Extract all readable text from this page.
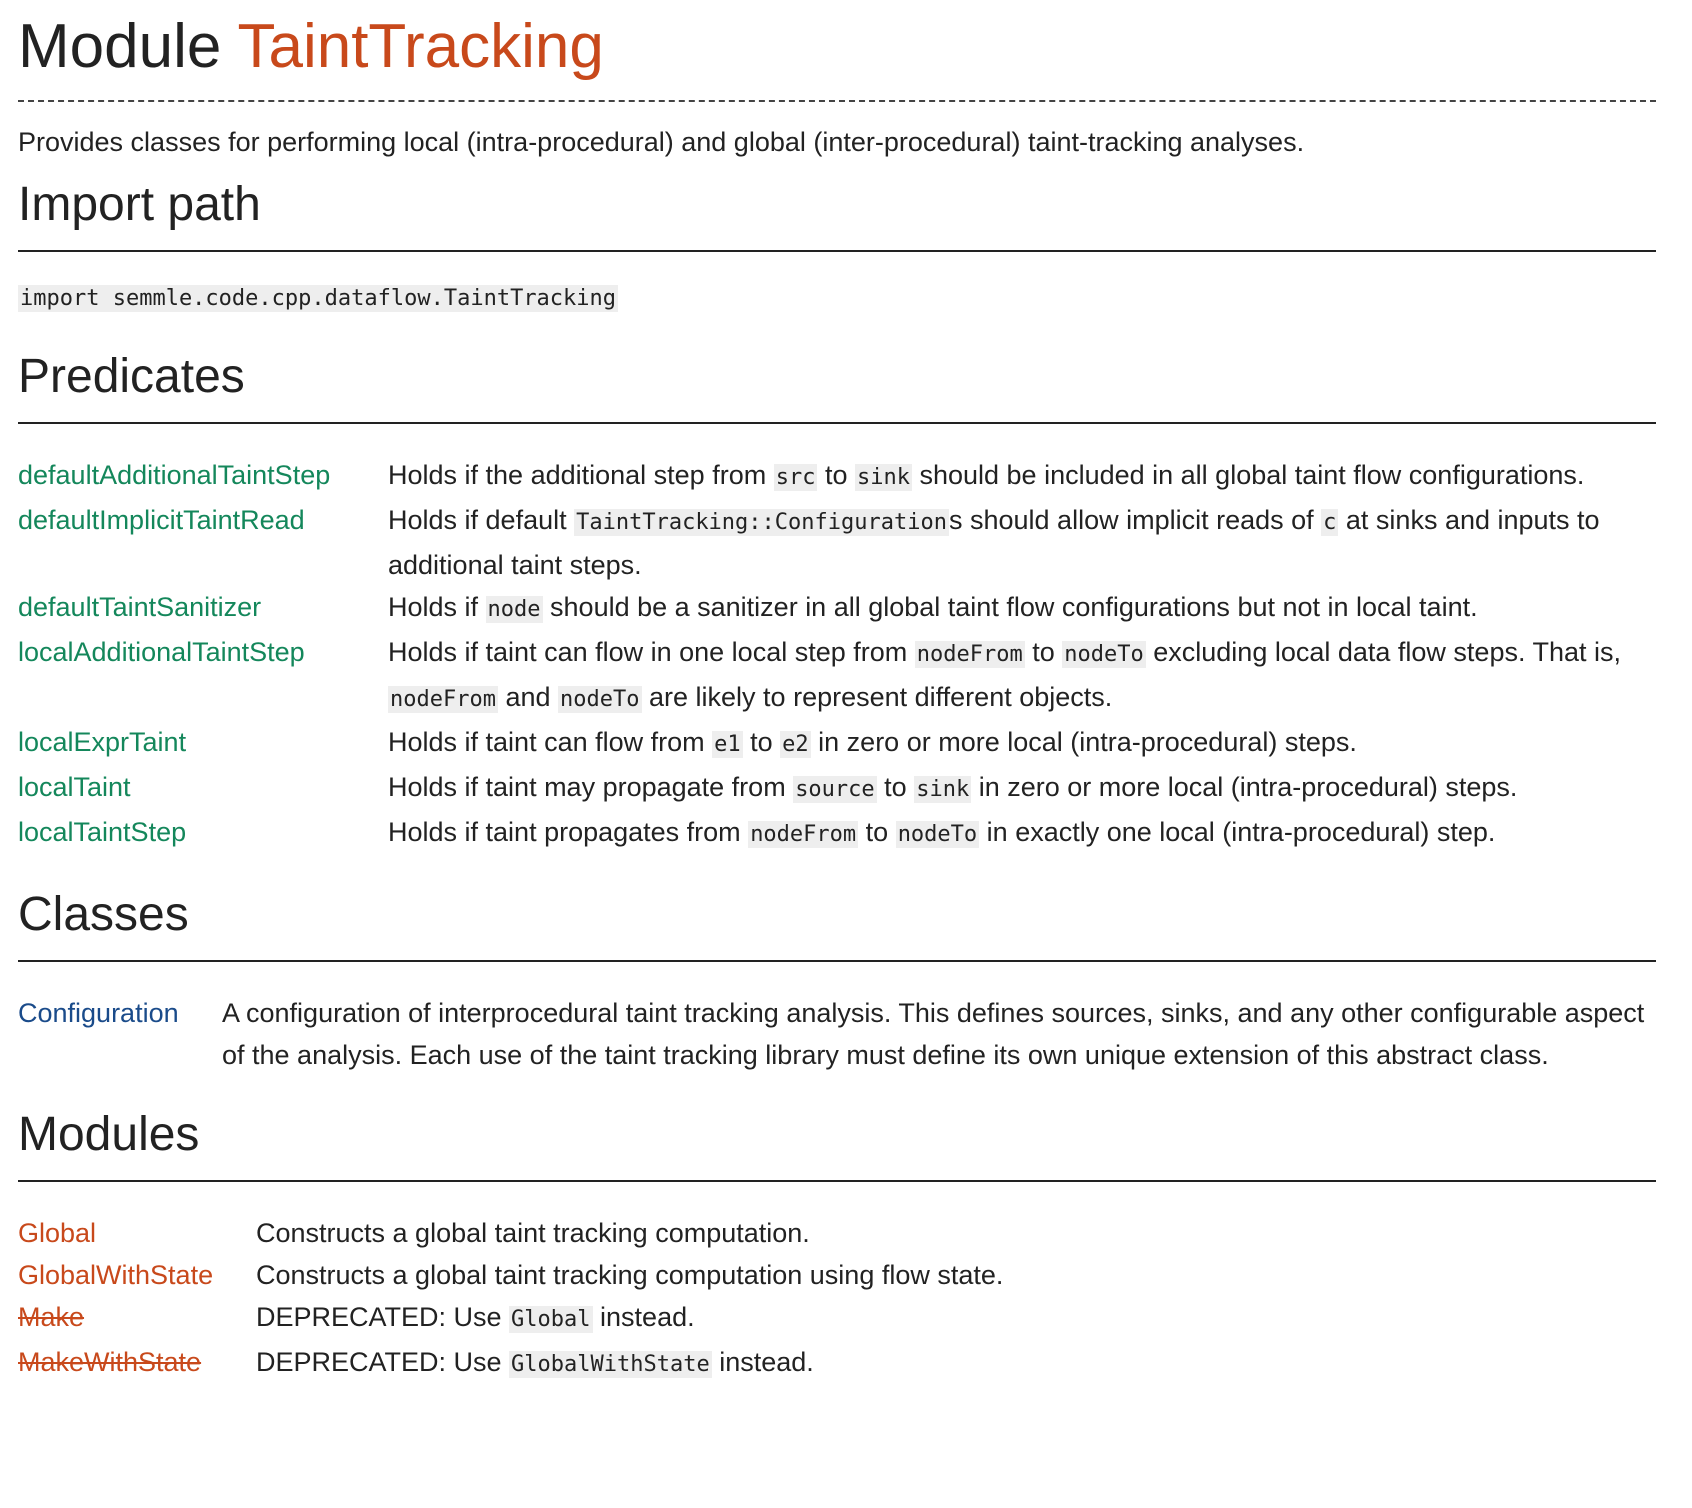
Module TaintTracking

Provides classes for performing local (intra-procedural) and global (inter-procedural) taint-tracking analyses.

Import path
import semmle.code.cpp.dataflow.TaintTracking
Predicates
defaultAdditionalTaintStep	Holds if the additional step from src to sink should be included in all global taint flow configurations.
defaultImplicitTaintRead	Holds if default TaintTracking::Configurations should allow implicit reads of c at sinks and inputs to additional taint steps.
defaultTaintSanitizer	Holds if node should be a sanitizer in all global taint flow configurations but not in local taint.
localAdditionalTaintStep	Holds if taint can flow in one local step from nodeFrom to nodeTo excluding local data flow steps. That is, nodeFrom and nodeTo are likely to represent different objects.
localExprTaint	Holds if taint can flow from e1 to e2 in zero or more local (intra-procedural) steps.
localTaint	Holds if taint may propagate from source to sink in zero or more local (intra-procedural) steps.
localTaintStep	Holds if taint propagates from nodeFrom to nodeTo in exactly one local (intra-procedural) step.
Classes
Configuration	A configuration of interprocedural taint tracking analysis. This defines sources, sinks, and any other configurable aspect of the analysis. Each use of the taint tracking library must define its own unique extension of this abstract class.
Modules
Global	Constructs a global taint tracking computation.
GlobalWithState	Constructs a global taint tracking computation using flow state.
Make	DEPRECATED: Use Global instead.
MakeWithState	DEPRECATED: Use GlobalWithState instead.
